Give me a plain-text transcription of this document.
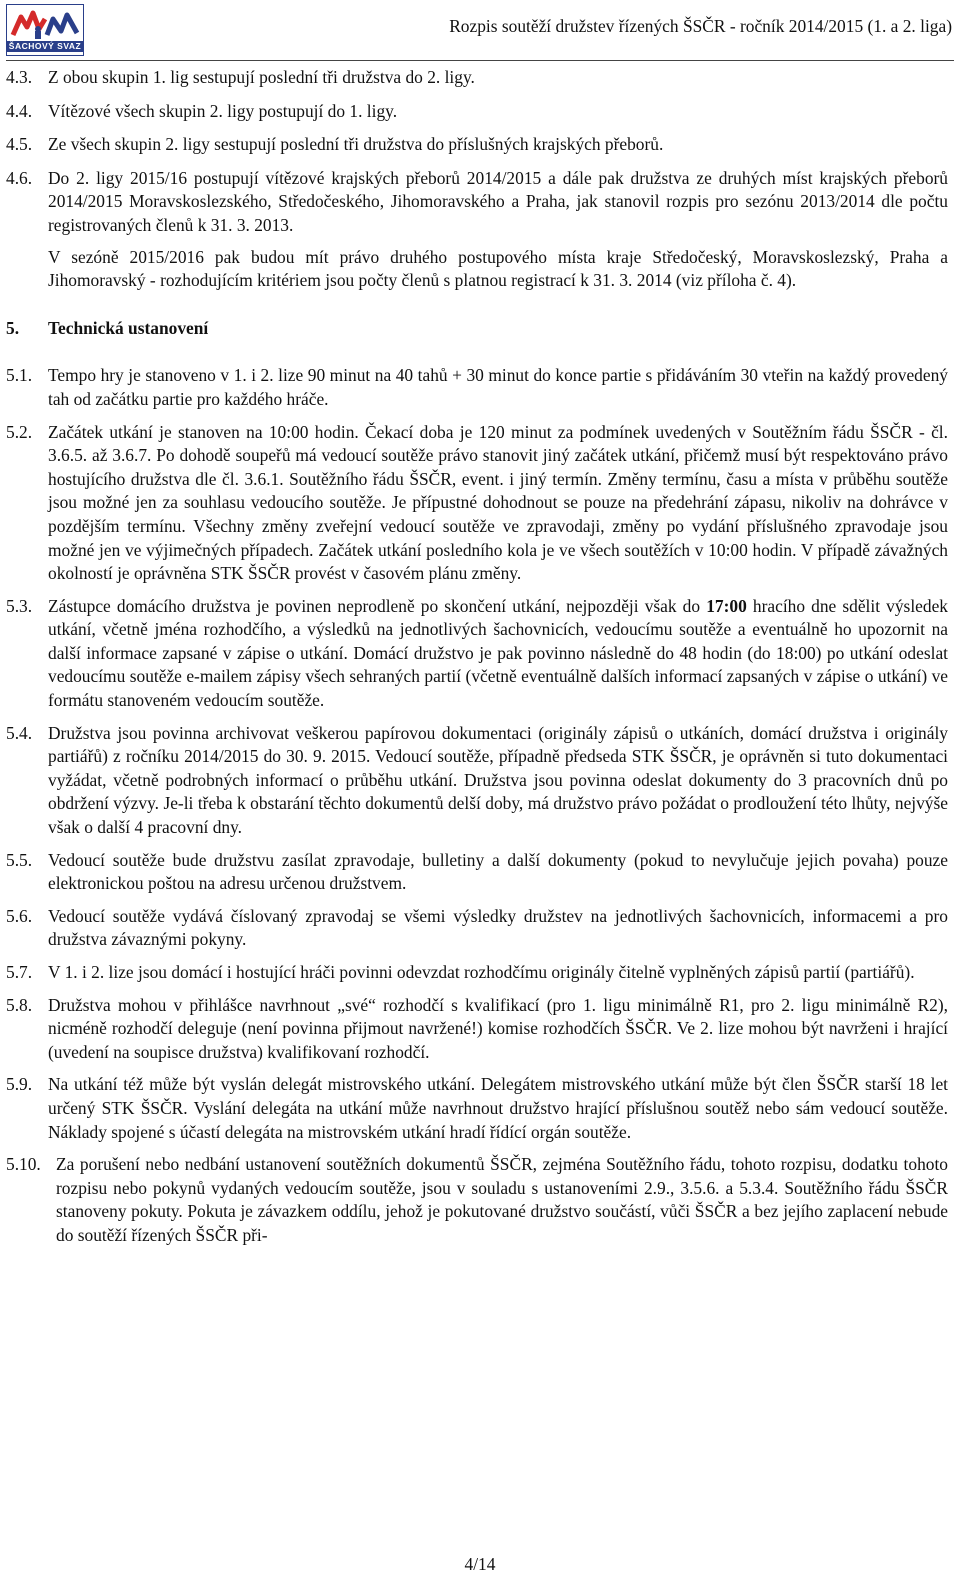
ŠACHOVÝ SVAZ
Rozpis soutěží družstev řízených ŠSČR - ročník 2014/2015 (1. a 2. liga)
4.3. Z obou skupin 1. lig sestupují poslední tři družstva do 2. ligy.
4.4. Vítězové všech skupin 2. ligy postupují do 1. ligy.
4.5. Ze všech skupin 2. ligy sestupují poslední tři družstva do příslušných krajských přeborů.
4.6. Do 2. ligy 2015/16 postupují vítězové krajských přeborů 2014/2015 a dále pak družstva ze druhých míst krajských přeborů 2014/2015 Moravskoslezského, Středočeského, Jihomoravského a Praha, jak stanovil rozpis pro sezónu 2013/2014 dle počtu registrovaných členů k 31. 3. 2013.
V sezóně 2015/2016 pak budou mít právo druhého postupového místa kraje Středočeský, Moravskoslezský, Praha a Jihomoravský - rozhodujícím kritériem jsou počty členů s platnou registrací k 31. 3. 2014 (viz příloha č. 4).
5.	Technická ustanovení
5.1. Tempo hry je stanoveno v 1. i 2. lize 90 minut na 40 tahů + 30 minut do konce partie s přidáváním 30 vteřin na každý provedený tah od začátku partie pro každého hráče.
5.2. Začátek utkání je stanoven na 10:00 hodin. Čekací doba je 120 minut za podmínek uvedených v Soutěžním řádu ŠSČR - čl. 3.6.5. až 3.6.7. Po dohodě soupeřů má vedoucí soutěže právo stanovit jiný začátek utkání, přičemž musí být respektováno právo hostujícího družstva dle čl. 3.6.1. Soutěžního řádu ŠSČR, event. i jiný termín. Změny termínu, času a místa v průběhu soutěže jsou možné jen za souhlasu vedoucího soutěže. Je přípustné dohodnout se pouze na předehrání zápasu, nikoliv na dohrávce v pozdějším termínu. Všechny změny zveřejní vedoucí soutěže ve zpravodaji, změny po vydání příslušného zpravodaje jsou možné jen ve výjimečných případech. Začátek utkání posledního kola je ve všech soutěžích v 10:00 hodin. V případě závažných okolností je oprávněna STK ŠSČR provést v časovém plánu změny.
5.3. Zástupce domácího družstva je povinen neprodleně po skončení utkání, nejpozději však do 17:00 hracího dne sdělit výsledek utkání, včetně jména rozhodčího, a výsledků na jednotlivých šachovnicích, vedoucímu soutěže a eventuálně ho upozornit na další informace zapsané v zápise o utkání. Domácí družstvo je pak povinno následně do 48 hodin (do 18:00) po utkání odeslat vedoucímu soutěže e-mailem zápisy všech sehraných partií (včetně eventuálně dalších informací zapsaných v zápise o utkání) ve formátu stanoveném vedoucím soutěže.
5.4. Družstva jsou povinna archivovat veškerou papírovou dokumentaci (originály zápisů o utkáních, domácí družstva i originály partiářů) z ročníku 2014/2015 do 30. 9. 2015. Vedoucí soutěže, případně předseda STK ŠSČR, je oprávněn si tuto dokumentaci vyžádat, včetně podrobných informací o průběhu utkání. Družstva jsou povinna odeslat dokumenty do 3 pracovních dnů po obdržení výzvy. Je-li třeba k obstarání těchto dokumentů delší doby, má družstvo právo požádat o prodloužení této lhůty, nejvýše však o další 4 pracovní dny.
5.5. Vedoucí soutěže bude družstvu zasílat zpravodaje, bulletiny a další dokumenty (pokud to nevylučuje jejich povaha) pouze elektronickou poštou na adresu určenou družstvem.
5.6. Vedoucí soutěže vydává číslovaný zpravodaj se všemi výsledky družstev na jednotlivých šachovnicích, informacemi a pro družstva závaznými pokyny.
5.7. V 1. i 2. lize jsou domácí i hostující hráči povinni odevzdat rozhodčímu originály čitelně vyplněných zápisů partií (partiářů).
5.8. Družstva mohou v přihlášce navrhnout „své“ rozhodčí s kvalifikací (pro 1. ligu minimálně R1, pro 2. ligu minimálně R2), nicméně rozhodčí deleguje (není povinna přijmout navržené!) komise rozhodčích ŠSČR. Ve 2. lize mohou být navrženi i hrající (uvedení na soupisce družstva) kvalifikovaní rozhodčí.
5.9. Na utkání též může být vyslán delegát mistrovského utkání. Delegátem mistrovského utkání může být člen ŠSČR starší 18 let určený STK ŠSČR. Vyslání delegáta na utkání může navrhnout družstvo hrající příslušnou soutěž nebo sám vedoucí soutěže. Náklady spojené s účastí delegáta na mistrovském utkání hradí řídící orgán soutěže.
5.10. Za porušení nebo nedbání ustanovení soutěžních dokumentů ŠSČR, zejména Soutěžního řádu, tohoto rozpisu, dodatku tohoto rozpisu nebo pokynů vydaných vedoucím soutěže, jsou v souladu s ustanoveními 2.9., 3.5.6. a 5.3.4. Soutěžního řádu ŠSČR stanoveny pokuty. Pokuta je závazkem oddílu, jehož je pokutované družstvo součástí, vůči ŠSČR a bez jejího zaplacení nebude do soutěží řízených ŠSČR při-
4/14
